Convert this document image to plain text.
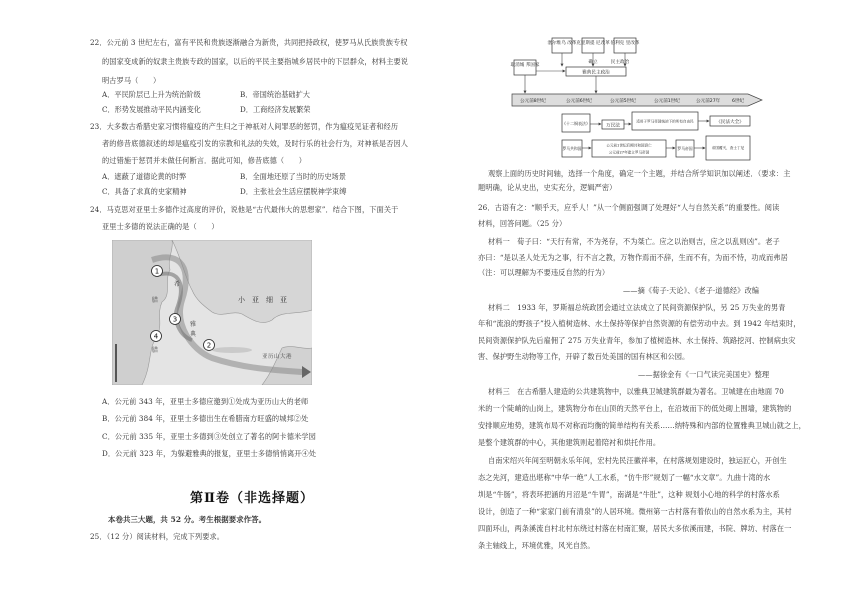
22．公元前 3 世纪左右，富有平民和贵族逐渐融合为新贵，共同把持政权，使罗马从氏族贵族专权
的国家变成新的奴隶主贵族专政的国家，以后的平民主要指城乡居民中的下层群众，材料主要说
明古罗马（　　）
A．平民阶层已上升为统治阶级	B．帝国统治基础扩大
C．形势发展推动平民内涵变化	D．工商经济发展繁荣
23．大多数古希腊史家习惯将瘟疫的产生归之于神祇对人间罪恶的惩罚，作为瘟疫见证者和经历
者的修昔底德叙述的却是瘟疫引发的宗教和礼法的失效，及时行乐的社会行为，对神祇是否因人
的过错施于惩罚并未做任何断言．据此可知，修昔底德（　　）
A．遮蔽了道德论黄的时弊	B．全面地还原了当时的历史场景
C．具备了求真的史家精神	D．主张社会生活应摆脱神学束缚
24．马克思对亚里士多德作过高度的评价，说他是“古代最伟大的思想家”．结合下图，下面关于
亚里士多德的说法正确的是（　　）
1
2
3
4
小　亚　细　亚
希
腊
腊
雅
典
亚 历 山 大 港
A．公元前 343 年，亚里士多德应邀到①处成为亚历山大的老师
B．公元前 384 年，亚里士多德出生在希腊南方旺盛的城邦②处
C．公元前 335 年，亚里士多德到③处创立了著名的阿卡德米学园
D．公元前 323 年，为躲避雅典的报复，亚里士多德悄悄离开④处
本卷共三大题，共 52 分。考生根据要求作答。
25．（12 分）阅读材料，完成下列要求。
第Ⅱ卷（非选择题）
塞尔维乌 改革 克里斯提 尼改革 伯利克 里改革
取消城 邦国家
确立	民主政治
雅典民主政治
公元前8世纪	公元前6世纪	公元前5世纪	公元前1世纪	公元前27年	6世纪
《十二铜表法》	万民法
适用于罗马帝国统治下的所有自由民	《民法大全》
罗马共和国
公元前1世纪后期共和国衰亡
公元前27年建立罗马帝国
罗马帝国	帝国覆灭，查士丁尼
观察上面的历史时间轴，选择一个角度，确定一个主题，并结合所学知识加以阐述．（要求：主
题明确，论从史出，史实充分，逻辑严密）
26．古语有之：“顺乎天，应乎人！”从一个侧面强调了处理好“人与自然关系”的重要性。阅读
材料，回答问题。（25 分）
材料一　荀子曰：“天行有常，不为尧存，不为桀亡。应之以治则吉，应之以乱则凶”。老子
亦曰：“是以圣人处无为之事，行不言之教，万物作焉而不辞，生而不有，为而不恃，功成而弗居
（注：可以理解为不要违反自然的行为）
——摘《荀子·天论》、《老子·道德经》改编
材料二　1933 年，罗斯福总统政团会通过立法成立了民间资源保护队，另 25 万失业的男青
年和“流浪的野孩子”投入植树造林、水土保持等保护自然资源的有偿劳动中去。到 1942 年结束时，
民间资源保护队先后雇佣了 275 万失业青年，参加了植树造林、水土保持、筑路挖河、控制病虫灾
害、保护野生动物等工作，开辟了数百处美国的国有林区和公园。
——据徐金有《一口气读完美国史》整理
材料三　在古希腊人建造的公共建筑物中，以雅典卫城建筑群最为著名。卫城建在由地面 70
米的一个陡峭的山岗上，建筑物分布在山顶的天然平台上，在沿坡而下的低处砌上围墙，建筑物的
安排顺应地势，建筑布局不对称而均衡的简单结构有关系……纳特殊和内部的位置雅典卫城山就之上，
是整个建筑群的中心，其他建筑则起着陪衬和烘托作用。
自南宋绍兴年间至明朝永乐年间，宏村先民汪徽祥率，在村落规划建设时，独运匠心，开创生
态之先河，建造出堪称“中华一绝”人工水系，“仿牛形”规划了一幅“水文章”。九曲十湾的水
圳是“牛肠”，将表环把涵的月沼是“牛胃”，南湖是“牛肚”，这种 规划小心地的科学的村落水系
设计，创造了一种“家家门前有清泉”的人居环境。微州第一古村落有着依山的自然水系为主，其村
四面环山，两条溪流自村北村东绕过村落在村南汇聚，居民大多依溪而建，书院、牌坊、村落在一
条主轴线上，环境优雅，风光自然。
